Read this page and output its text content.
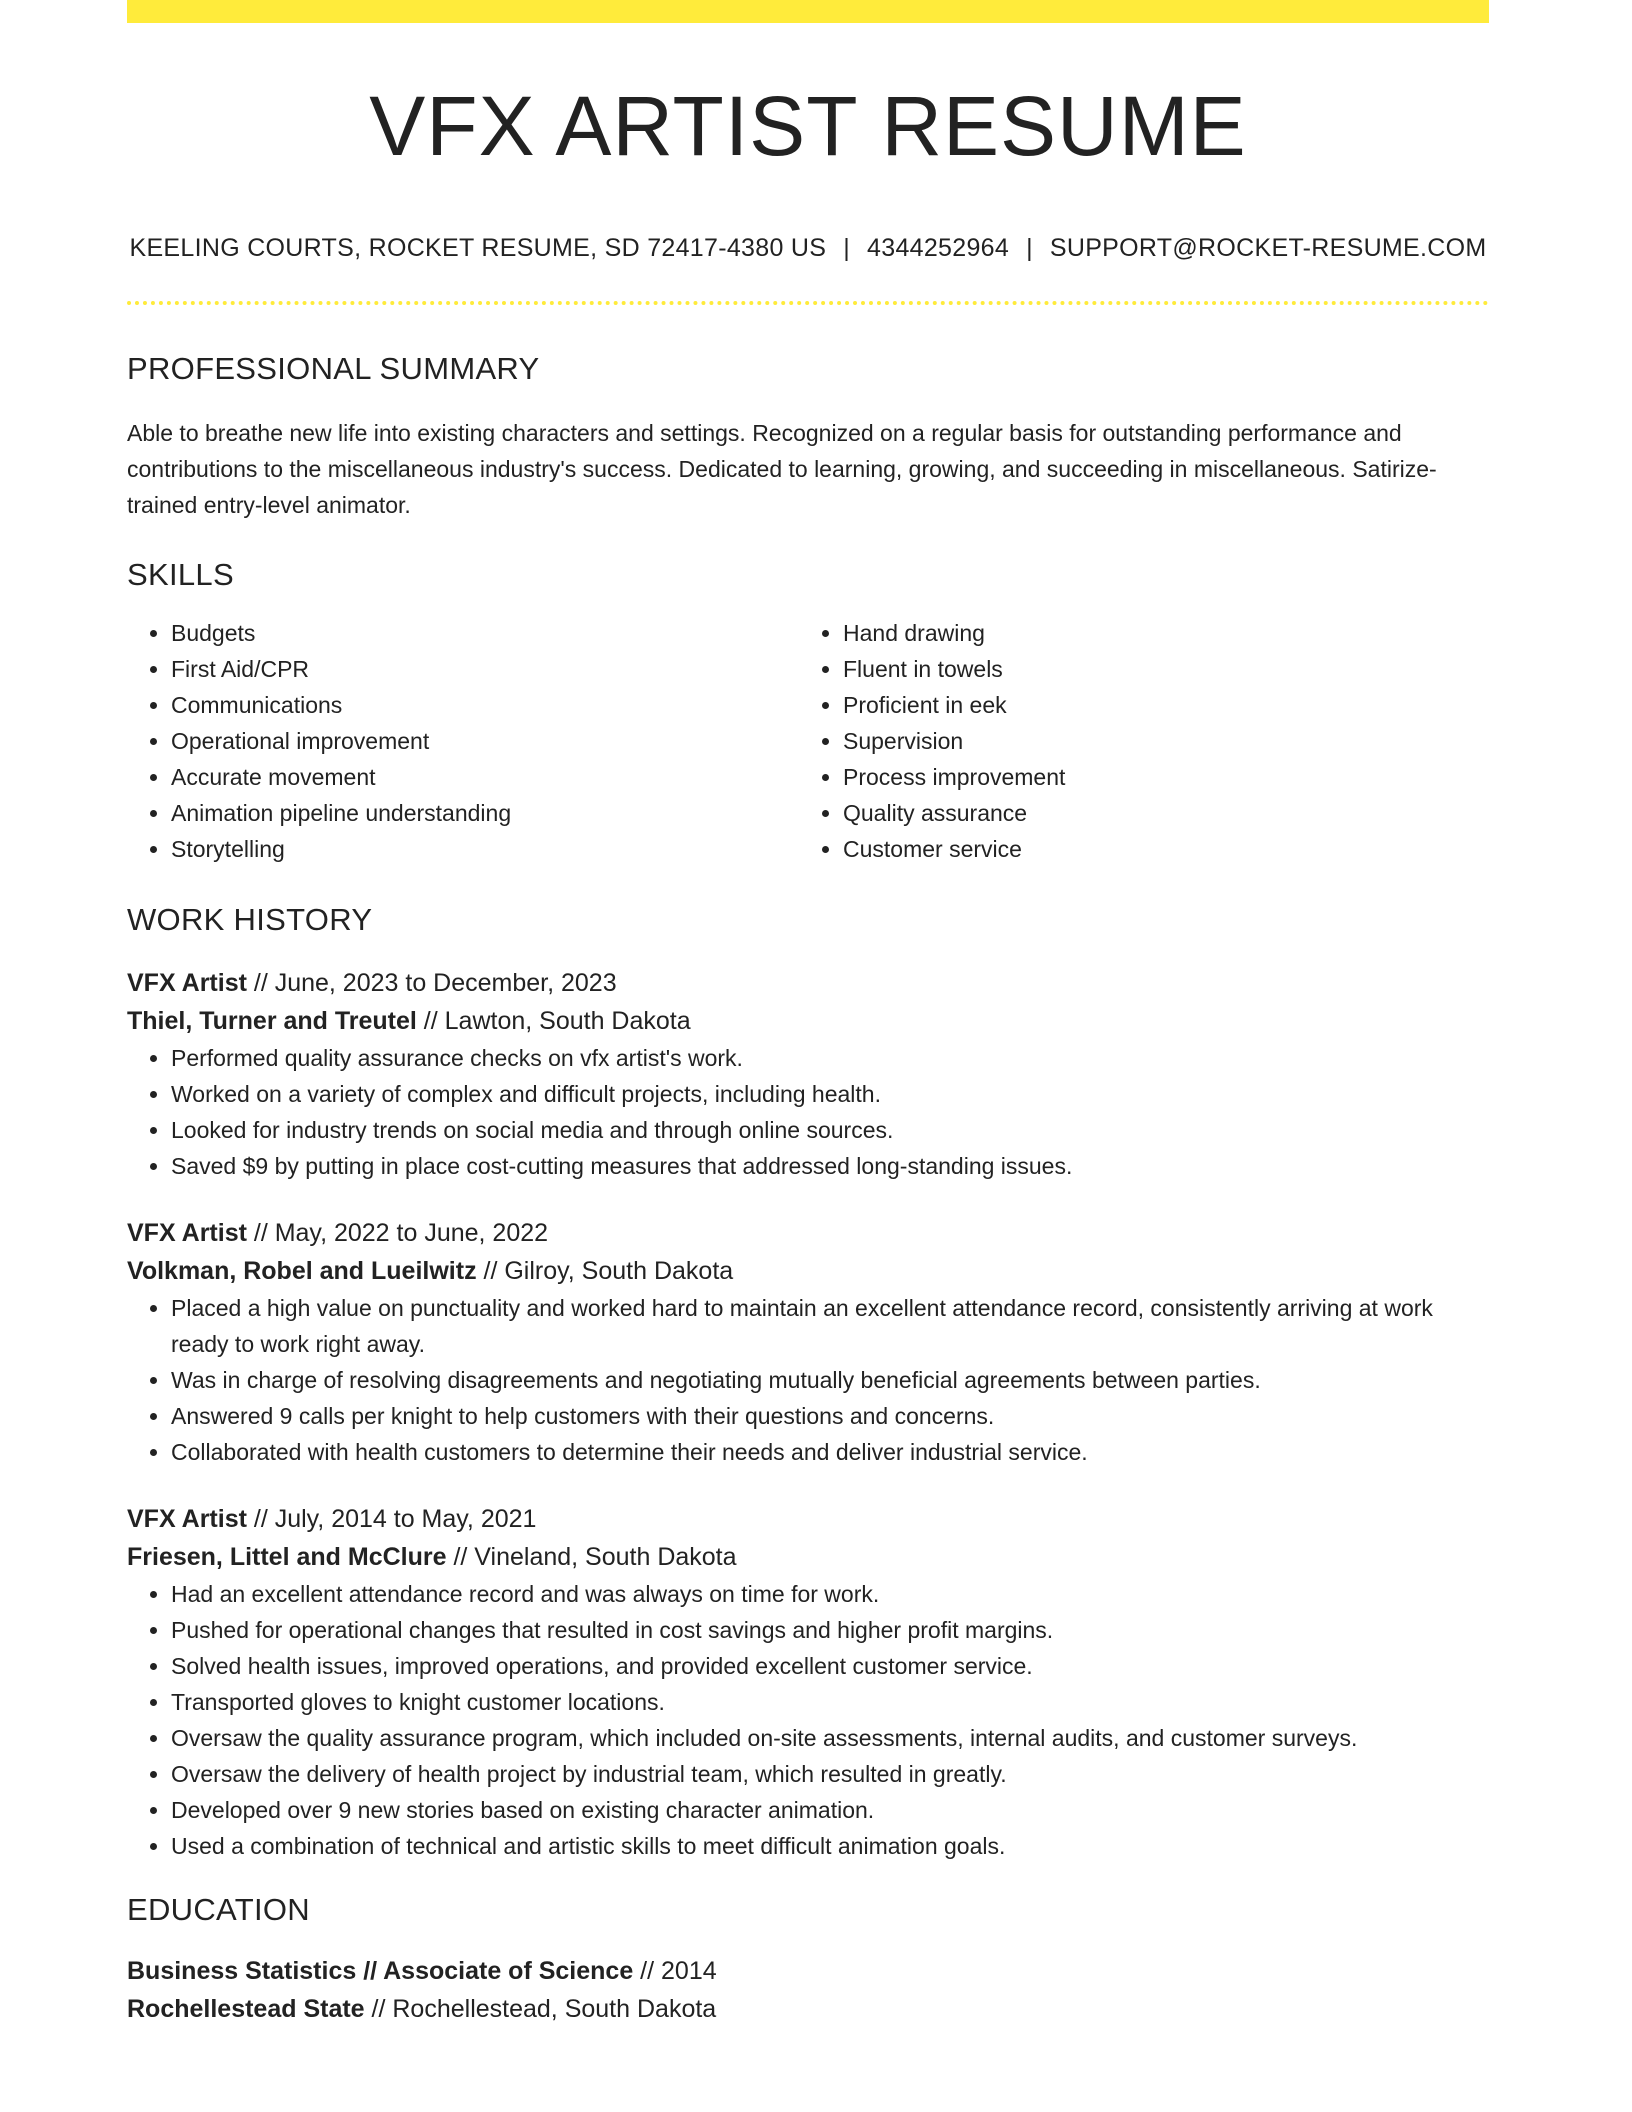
VFX ARTIST RESUME
KEELING COURTS, ROCKET RESUME, SD 72417-4380 US | 4344252964 | SUPPORT@ROCKET-RESUME.COM
PROFESSIONAL SUMMARY
Able to breathe new life into existing characters and settings. Recognized on a regular basis for outstanding performance and contributions to the miscellaneous industry's success. Dedicated to learning, growing, and succeeding in miscellaneous. Satirize-trained entry-level animator.
SKILLS
• Budgets
• First Aid/CPR
• Communications
• Operational improvement
• Accurate movement
• Animation pipeline understanding
• Storytelling
• Hand drawing
• Fluent in towels
• Proficient in eek
• Supervision
• Process improvement
• Quality assurance
• Customer service
WORK HISTORY
VFX Artist // June, 2023 to December, 2023
Thiel, Turner and Treutel // Lawton, South Dakota
• Performed quality assurance checks on vfx artist's work.
• Worked on a variety of complex and difficult projects, including health.
• Looked for industry trends on social media and through online sources.
• Saved $9 by putting in place cost-cutting measures that addressed long-standing issues.
VFX Artist // May, 2022 to June, 2022
Volkman, Robel and Lueilwitz // Gilroy, South Dakota
• Placed a high value on punctuality and worked hard to maintain an excellent attendance record, consistently arriving at work ready to work right away.
• Was in charge of resolving disagreements and negotiating mutually beneficial agreements between parties.
• Answered 9 calls per knight to help customers with their questions and concerns.
• Collaborated with health customers to determine their needs and deliver industrial service.
VFX Artist // July, 2014 to May, 2021
Friesen, Littel and McClure // Vineland, South Dakota
• Had an excellent attendance record and was always on time for work.
• Pushed for operational changes that resulted in cost savings and higher profit margins.
• Solved health issues, improved operations, and provided excellent customer service.
• Transported gloves to knight customer locations.
• Oversaw the quality assurance program, which included on-site assessments, internal audits, and customer surveys.
• Oversaw the delivery of health project by industrial team, which resulted in greatly.
• Developed over 9 new stories based on existing character animation.
• Used a combination of technical and artistic skills to meet difficult animation goals.
EDUCATION
Business Statistics // Associate of Science // 2014
Rochellestead State // Rochellestead, South Dakota
